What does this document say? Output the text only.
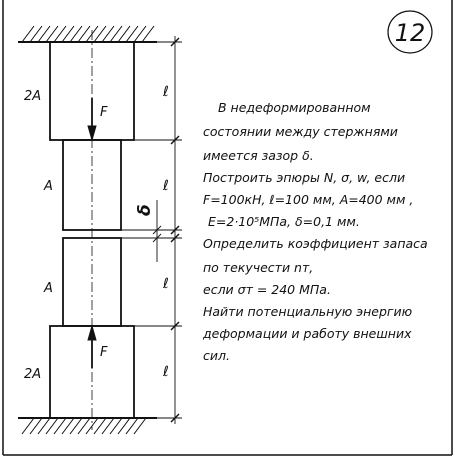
12
2A
A
A
2A
F
F
ℓ
ℓ
ℓ
ℓ
δ
В недеформированном
состоянии между стержнями
имеется зазор δ.
Построить эпюры N, σ, w, если
F=100кН, ℓ=100 мм, A=400 мм ,
E=2·10⁵МПа, δ=0,1 мм.
Определить коэффициент запаса
по текучести nт,
если σт = 240 МПа.
Найти потенциальную энергию
деформации и работу внешних
сил.
